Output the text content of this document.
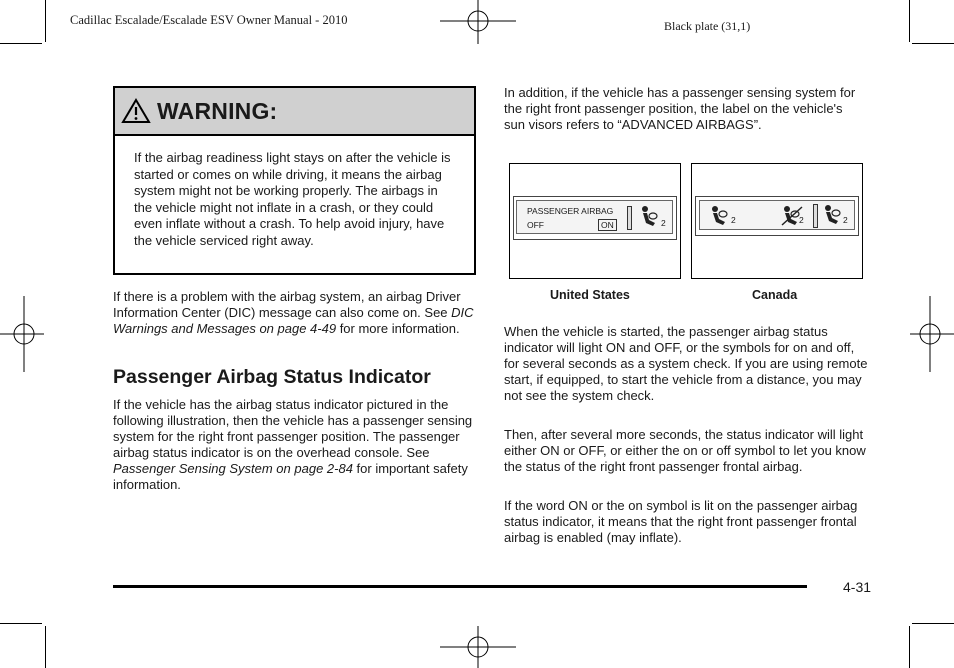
Cadillac Escalade/Escalade ESV Owner Manual - 2010	Black plate (31,1)
WARNING:
If the airbag readiness light stays on after the vehicle is started or comes on while driving, it means the airbag system might not be working properly. The airbags in the vehicle might not inflate in a crash, or they could even inflate without a crash. To help avoid injury, have the vehicle serviced right away.
If there is a problem with the airbag system, an airbag Driver Information Center (DIC) message can also come on. See DIC Warnings and Messages on page 4-49 for more information.
Passenger Airbag Status Indicator
If the vehicle has the airbag status indicator pictured in the following illustration, then the vehicle has a passenger sensing system for the right front passenger position. The passenger airbag status indicator is on the overhead console. See Passenger Sensing System on page 2-84 for important safety information.
In addition, if the vehicle has a passenger sensing system for the right front passenger position, the label on the vehicle's sun visors refers to “ADVANCED AIRBAGS”.
PASSENGER AIRBAG
OFF	ON	2	2	2	2
United States	Canada
When the vehicle is started, the passenger airbag status indicator will light ON and OFF, or the symbols for on and off, for several seconds as a system check. If you are using remote start, if equipped, to start the vehicle from a distance, you may not see the system check.
Then, after several more seconds, the status indicator will light either ON or OFF, or either the on or off symbol to let you know the status of the right front passenger frontal airbag.
If the word ON or the on symbol is lit on the passenger airbag status indicator, it means that the right front passenger frontal airbag is enabled (may inflate).
4-31
